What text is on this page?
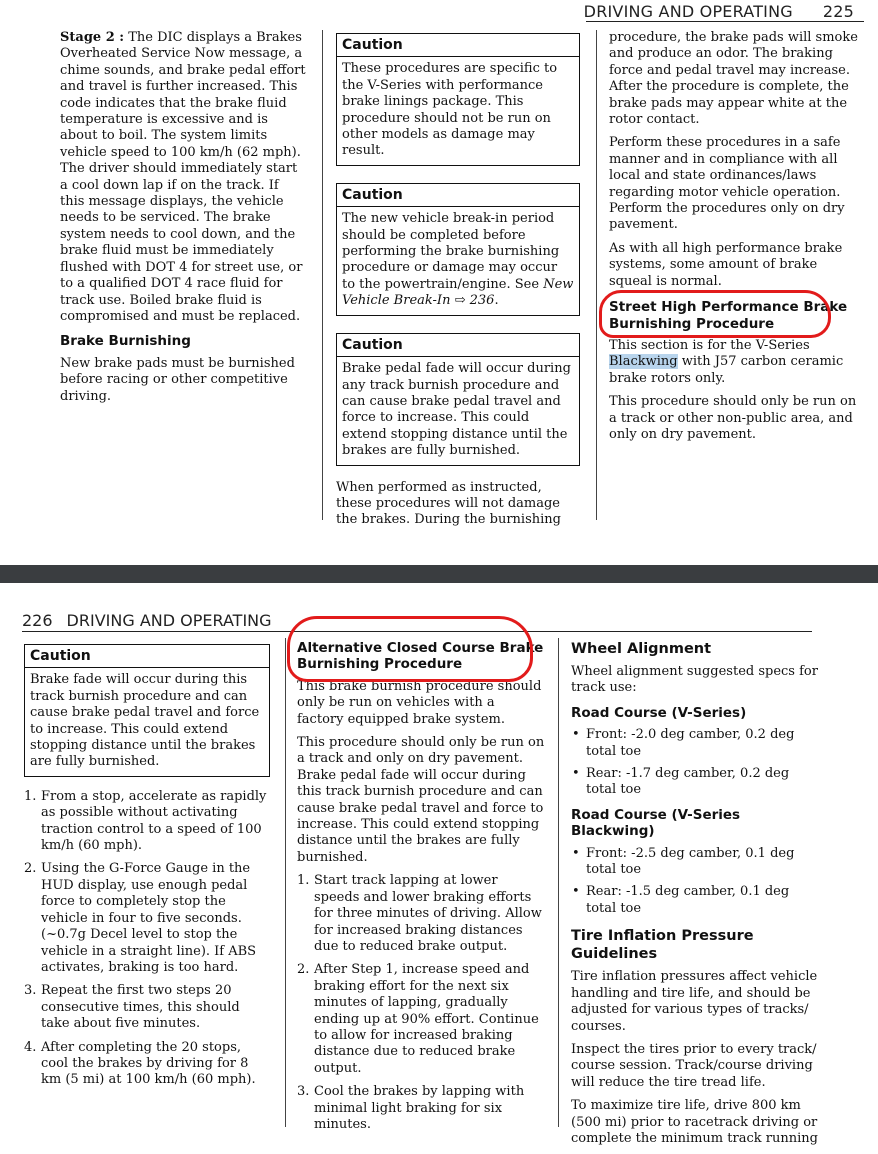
DRIVING AND OPERATING 225

Stage 2 : The DIC displays a Brakes Overheated Service Now message, a chime sounds, and brake pedal effort and travel is further increased. This code indicates that the brake fluid temperature is excessive and is about to boil. The system limits vehicle speed to 100 km/h (62 mph). The driver should immediately start a cool down lap if on the track. If this message displays, the vehicle needs to be serviced. The brake system needs to cool down, and the brake fluid must be immediately flushed with DOT 4 for street use, or to a qualified DOT 4 race fluid for track use. Boiled brake fluid is compromised and must be replaced.

Brake Burnishing

New brake pads must be burnished before racing or other competitive driving.

Caution
These procedures are specific to the V-Series with performance brake linings package. This procedure should not be run on other models as damage may result.
Caution
The new vehicle break-in period should be completed before performing the brake burnishing procedure or damage may occur to the powertrain/engine. See New Vehicle Break-In ⇨ 236.
Caution
Brake pedal fade will occur during any track burnish procedure and can cause brake pedal travel and force to increase. This could extend stopping distance until the brakes are fully burnished.

When performed as instructed, these procedures will not damage the brakes. During the burnishing

procedure, the brake pads will smoke and produce an odor. The braking force and pedal travel may increase. After the procedure is complete, the brake pads may appear white at the rotor contact.

Perform these procedures in a safe manner and in compliance with all local and state ordinances/laws regarding motor vehicle operation. Perform the procedures only on dry pavement.

As with all high performance brake systems, some amount of brake squeal is normal.

Street High Performance Brake Burnishing Procedure

This section is for the V-Series Blackwing with J57 carbon ceramic brake rotors only.

This procedure should only be run on a track or other non-public area, and only on dry pavement.

226 DRIVING AND OPERATING
Caution
Brake fade will occur during this track burnish procedure and can cause brake pedal travel and force to increase. This could extend stopping distance until the brakes are fully burnished.
1. From a stop, accelerate as rapidly as possible without activating traction control to a speed of 100 km/h (60 mph).
2. Using the G-Force Gauge in the HUD display, use enough pedal force to completely stop the vehicle in four to five seconds. (~0.7g Decel level to stop the vehicle in a straight line). If ABS activates, braking is too hard.
3. Repeat the first two steps 20 consecutive times, this should take about five minutes.
4. After completing the 20 stops, cool the brakes by driving for 8 km (5 mi) at 100 km/h (60 mph).
Alternative Closed Course Brake Burnishing Procedure

This brake burnish procedure should only be run on vehicles with a factory equipped brake system.

This procedure should only be run on a track and only on dry pavement. Brake pedal fade will occur during this track burnish procedure and can cause brake pedal travel and force to increase. This could extend stopping distance until the brakes are fully burnished.

1. Start track lapping at lower speeds and lower braking efforts for three minutes of driving. Allow for increased braking distances due to reduced brake output.
2. After Step 1, increase speed and braking effort for the next six minutes of lapping, gradually ending up at 90% effort. Continue to allow for increased braking distance due to reduced brake output.
3. Cool the brakes by lapping with minimal light braking for six minutes.
Wheel Alignment

Wheel alignment suggested specs for track use:

Road Course (V-Series)
• Front: -2.0 deg camber, 0.2 deg total toe
• Rear: -1.7 deg camber, 0.2 deg total toe
Road Course (V-Series Blackwing)
• Front: -2.5 deg camber, 0.1 deg total toe
• Rear: -1.5 deg camber, 0.1 deg total toe
Tire Inflation Pressure Guidelines

Tire inflation pressures affect vehicle handling and tire life, and should be adjusted for various types of tracks/ courses.

Inspect the tires prior to every track/ course session. Track/course driving will reduce the tire tread life.

To maximize tire life, drive 800 km (500 mi) prior to racetrack driving or complete the minimum track running
